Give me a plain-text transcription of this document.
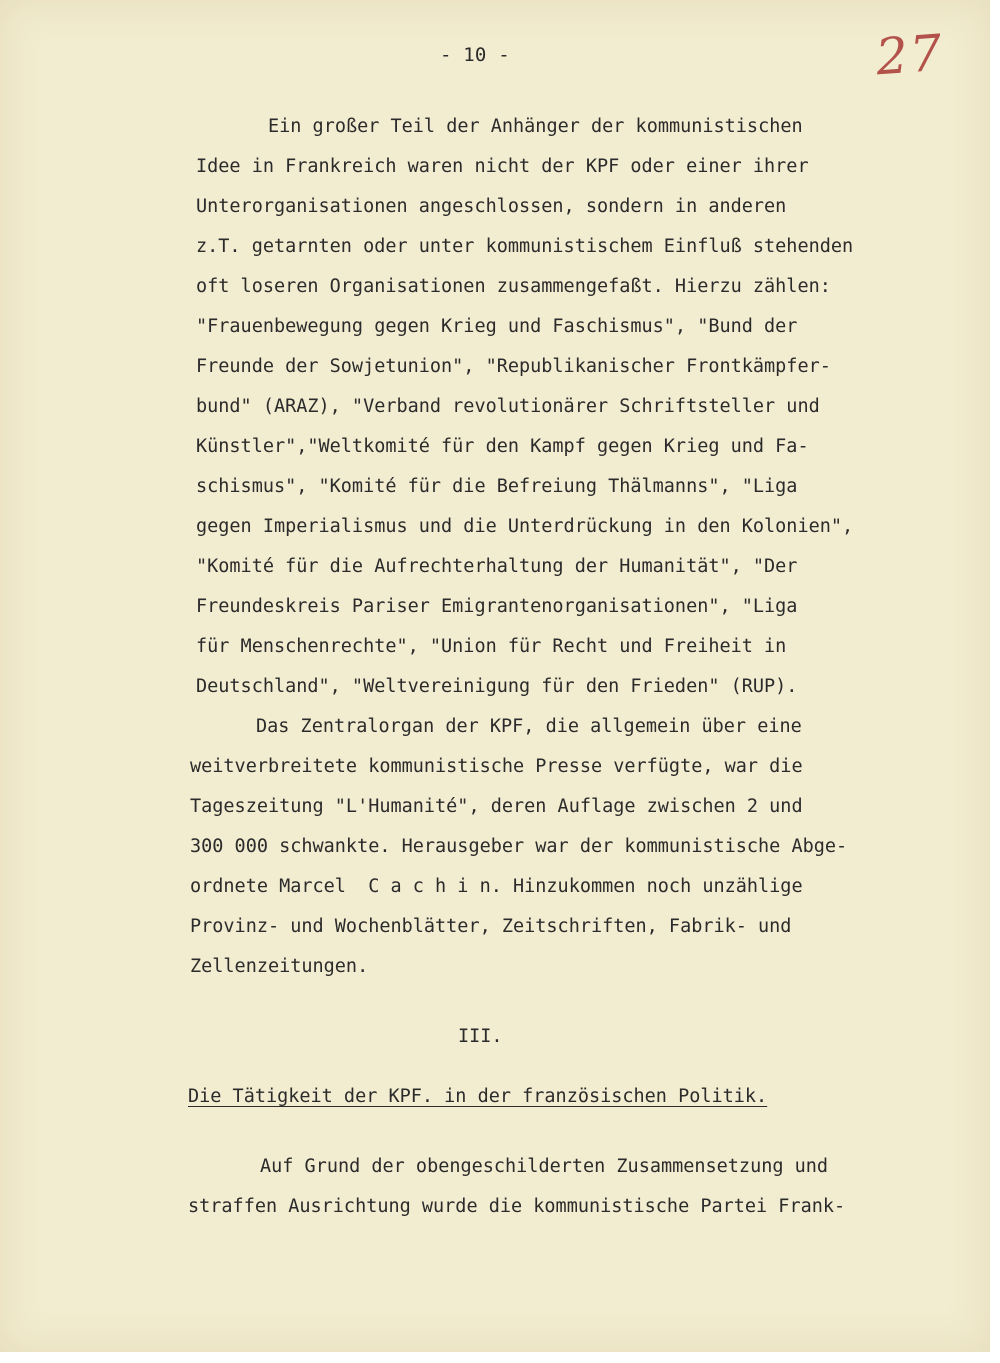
- 10 -	27
Ein großer Teil der Anhänger der kommunistischen
Idee in Frankreich waren nicht der KPF oder einer ihrer
Unterorganisationen angeschlossen, sondern in anderen
z.T. getarnten oder unter kommunistischem Einfluß stehenden
oft loseren Organisationen zusammengefaßt. Hierzu zählen:
"Frauenbewegung gegen Krieg und Faschismus", "Bund der
Freunde der Sowjetunion", "Republikanischer Frontkämpfer-
bund" (ARAZ), "Verband revolutionärer Schriftsteller und
Künstler","Weltkomité für den Kampf gegen Krieg und Fa-
schismus", "Komité für die Befreiung Thälmanns", "Liga
gegen Imperialismus und die Unterdrückung in den Kolonien",
"Komité für die Aufrechterhaltung der Humanität", "Der
Freundeskreis Pariser Emigrantenorganisationen", "Liga
für Menschenrechte", "Union für Recht und Freiheit in
Deutschland", "Weltvereinigung für den Frieden" (RUP).
Das Zentralorgan der KPF, die allgemein über eine
weitverbreitete kommunistische Presse verfügte, war die
Tageszeitung "L'Humanité", deren Auflage zwischen 2 und
300 000 schwankte. Herausgeber war der kommunistische Abge-
ordnete Marcel  C a c h i n. Hinzukommen noch unzählige
Provinz- und Wochenblätter, Zeitschriften, Fabrik- und
Zellenzeitungen.
III.
Die Tätigkeit der KPF. in der französischen Politik.
Auf Grund der obengeschilderten Zusammensetzung und
straffen Ausrichtung wurde die kommunistische Partei Frank-
